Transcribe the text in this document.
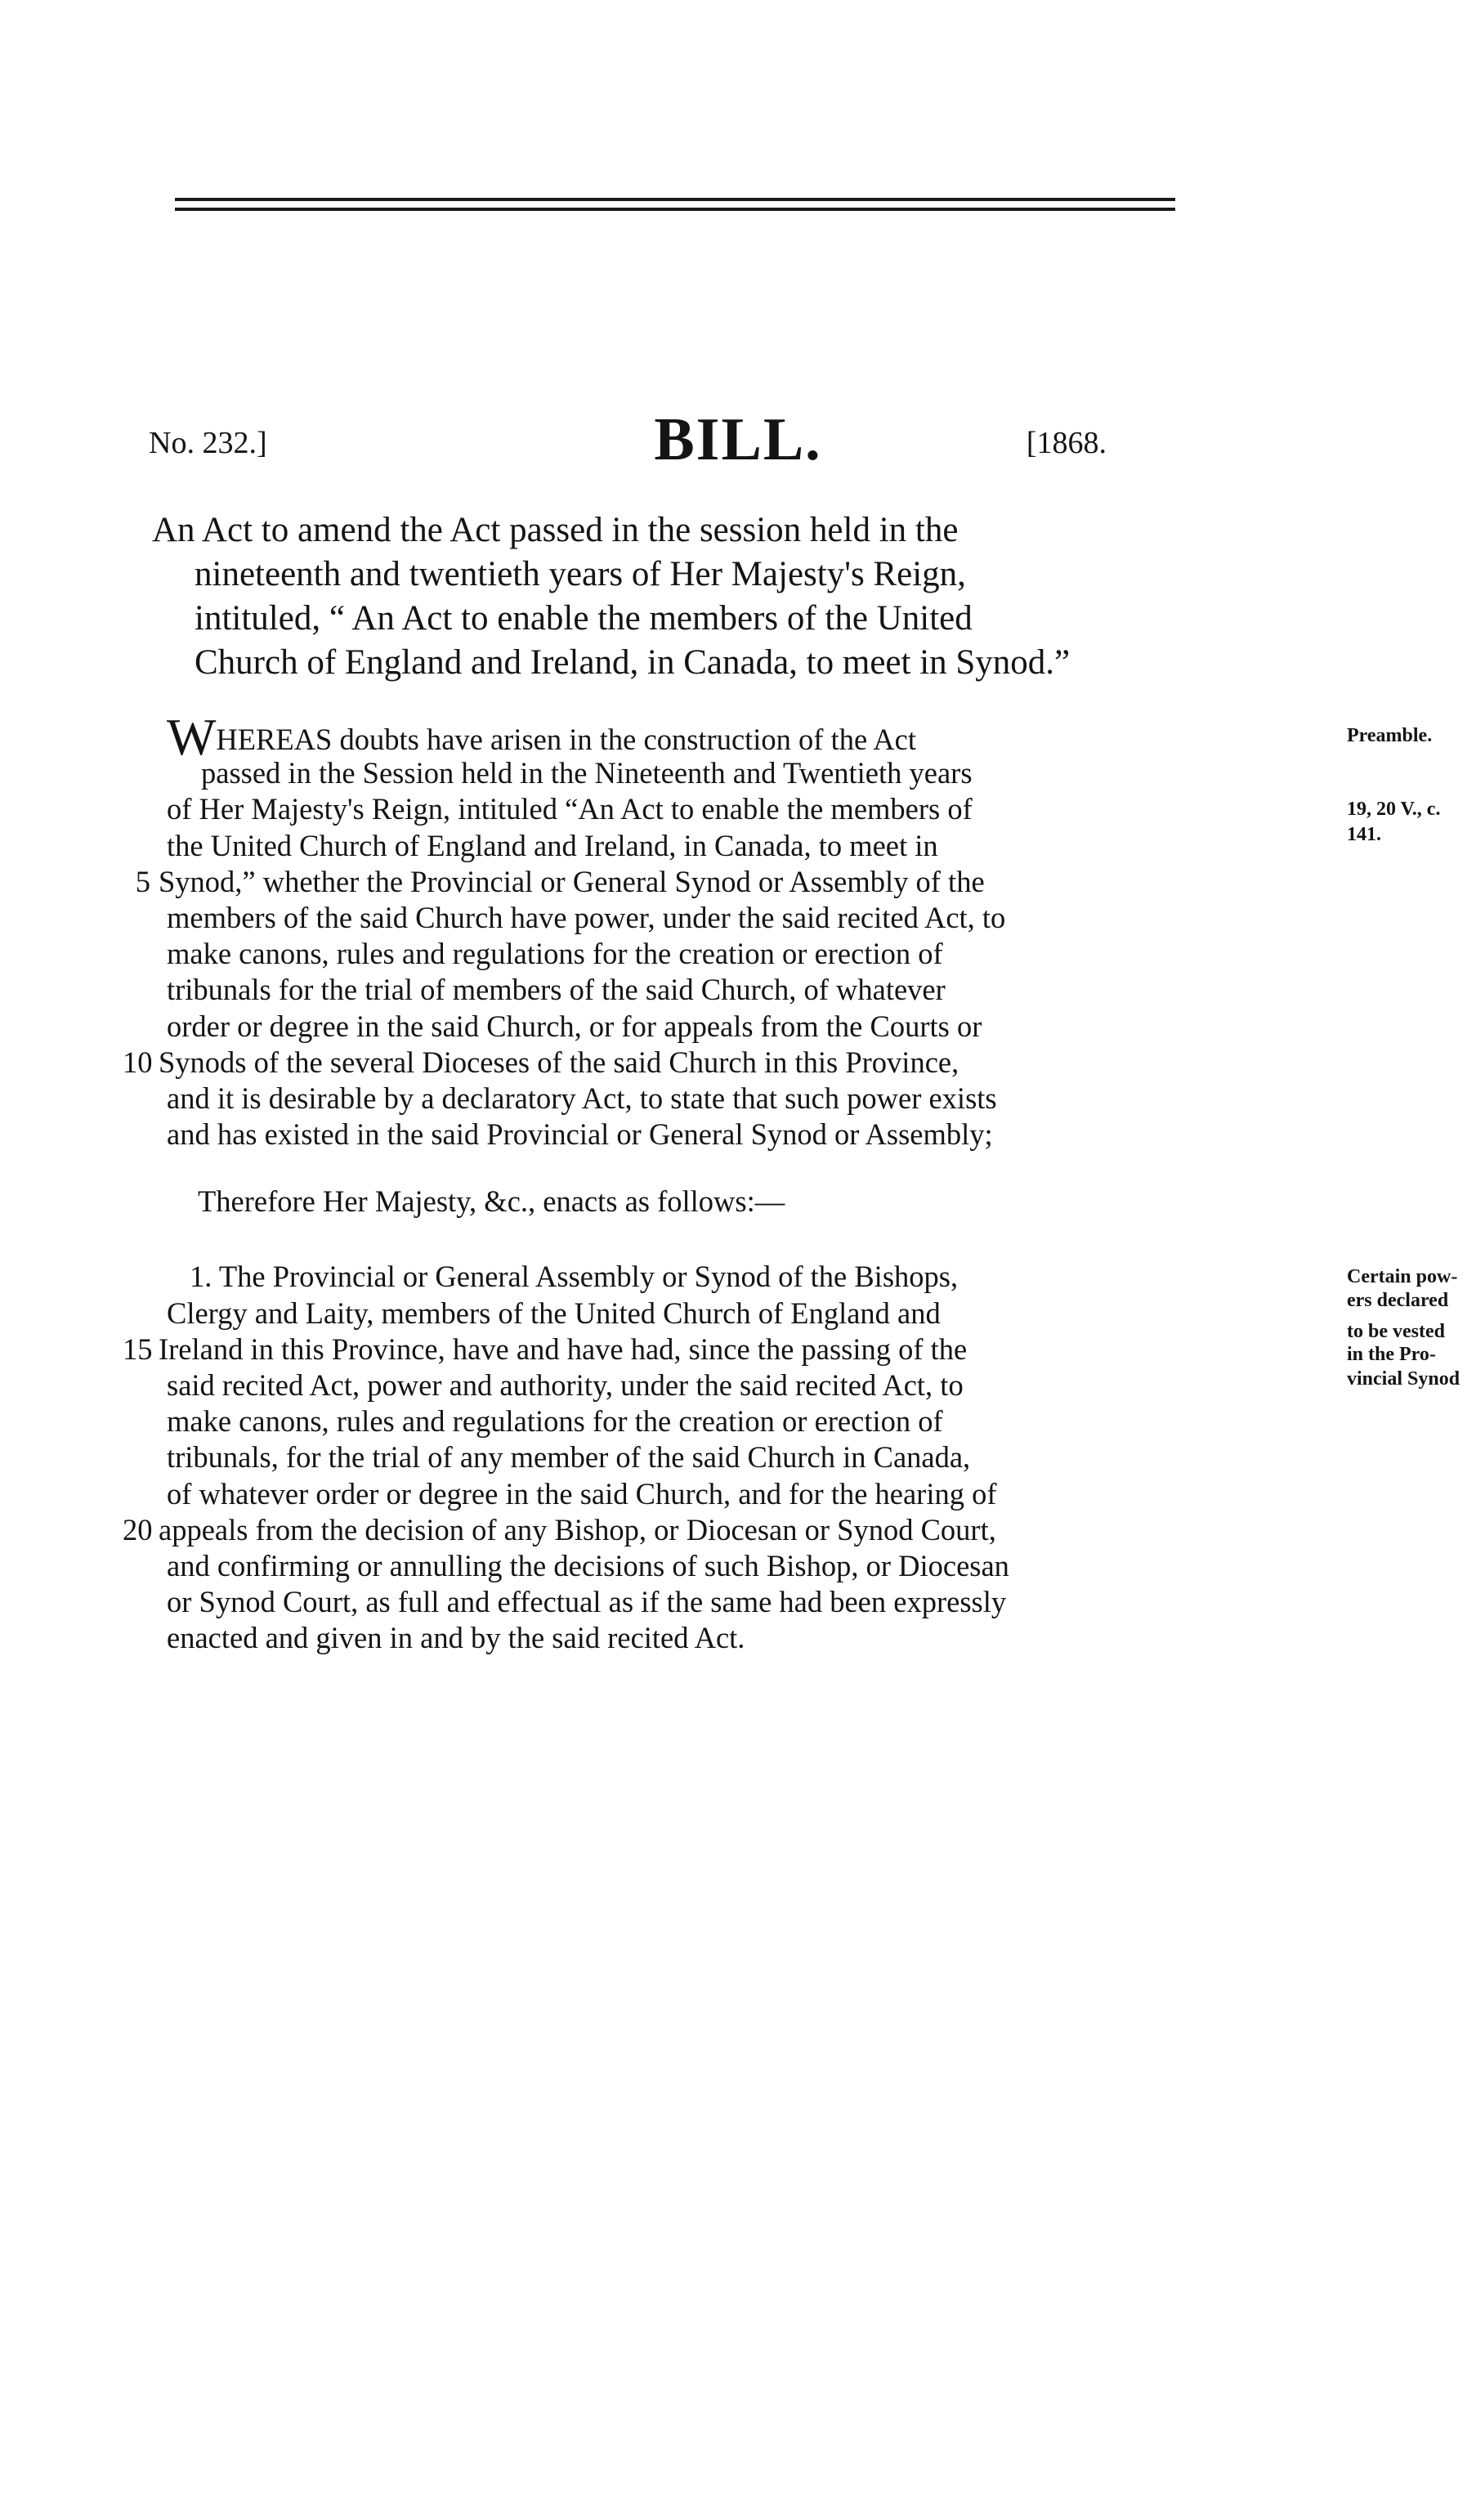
No. 232.]	BILL.	[1868.
An Act to amend the Act passed in the session held in the
nineteenth and twentieth years of Her Majesty's Reign,
intituled, “ An Act to enable the members of the United
Church of England and Ireland, in Canada, to meet in Synod.”
WHEREAS doubts have arisen in the construction of the Act	Preamble.
passed in the Session held in the Nineteenth and Twentieth years
of Her Majesty's Reign, intituled “An Act to enable the members of	19, 20 V., c.
the United Church of England and Ireland, in Canada, to meet in	141.
5 Synod,” whether the Provincial or General Synod or Assembly of the
members of the said Church have power, under the said recited Act, to
make canons, rules and regulations for the creation or erection of
tribunals for the trial of members of the said Church, of whatever
order or degree in the said Church, or for appeals from the Courts or
10 Synods of the several Dioceses of the said Church in this Province,
and it is desirable by a declaratory Act, to state that such power exists
and has existed in the said Provincial or General Synod or Assembly;
Therefore Her Majesty, &c., enacts as follows:—
1. The Provincial or General Assembly or Synod of the Bishops,	Certain pow-
Clergy and Laity, members of the United Church of England and	ers declared
15 Ireland in this Province, have and have had, since the passing of the
to be vested
in the Pro-
said recited Act, power and authority, under the said recited Act, to	vincial Synod
make canons, rules and regulations for the creation or erection of
tribunals, for the trial of any member of the said Church in Canada,
of whatever order or degree in the said Church, and for the hearing of
20 appeals from the decision of any Bishop, or Diocesan or Synod Court,
and confirming or annulling the decisions of such Bishop, or Diocesan
or Synod Court, as full and effectual as if the same had been expressly
enacted and given in and by the said recited Act.
